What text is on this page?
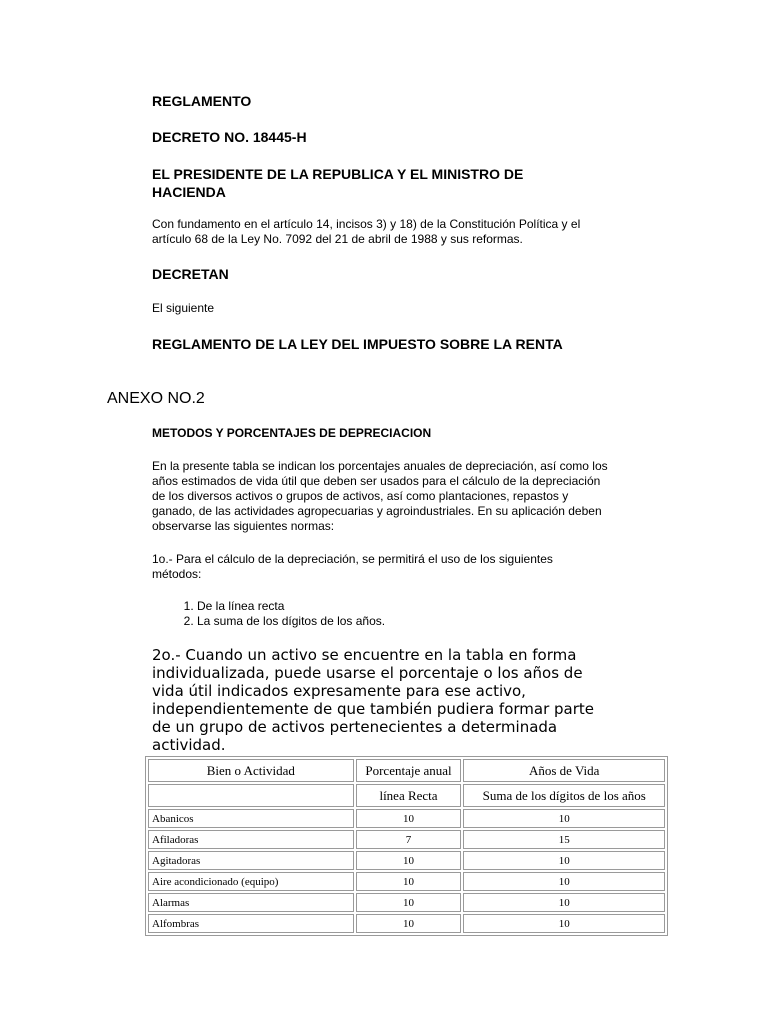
REGLAMENTO
DECRETO NO. 18445-H
EL PRESIDENTE DE LA REPUBLICA Y EL MINISTRO DE HACIENDA

Con fundamento en el artículo 14, incisos 3) y 18) de la Constitución Política y el artículo 68 de la Ley No. 7092 del 21 de abril de 1988 y sus reformas.

DECRETAN

El siguiente

REGLAMENTO DE LA LEY DEL IMPUESTO SOBRE LA RENTA
ANEXO NO.2
METODOS Y PORCENTAJES DE DEPRECIACION

En la presente tabla se indican los porcentajes anuales de depreciación, así como los años estimados de vida útil que deben ser usados para el cálculo de la depreciación de los diversos activos o grupos de activos, así como plantaciones, repastos y ganado, de las actividades agropecuarias y agroindustriales. En su aplicación deben observarse las siguientes normas:

1o.- Para el cálculo de la depreciación, se permitirá el uso de los siguientes métodos:

1. De la línea recta
2. La suma de los dígitos de los años.

2o.- Cuando un activo se encuentre en la tabla en forma individualizada, puede usarse el porcentaje o los años de vida útil indicados expresamente para ese activo, independientemente de que también pudiera formar parte de un grupo de activos pertenecientes a determinada actividad.

Bien o Actividad	Porcentaje anual	Años de Vida
	línea Recta	Suma de los dígitos de los años
Abanicos	10	10
Afiladoras	7	15
Agitadoras	10	10
Aire acondicionado (equipo)	10	10
Alarmas	10	10
Alfombras	10	10
